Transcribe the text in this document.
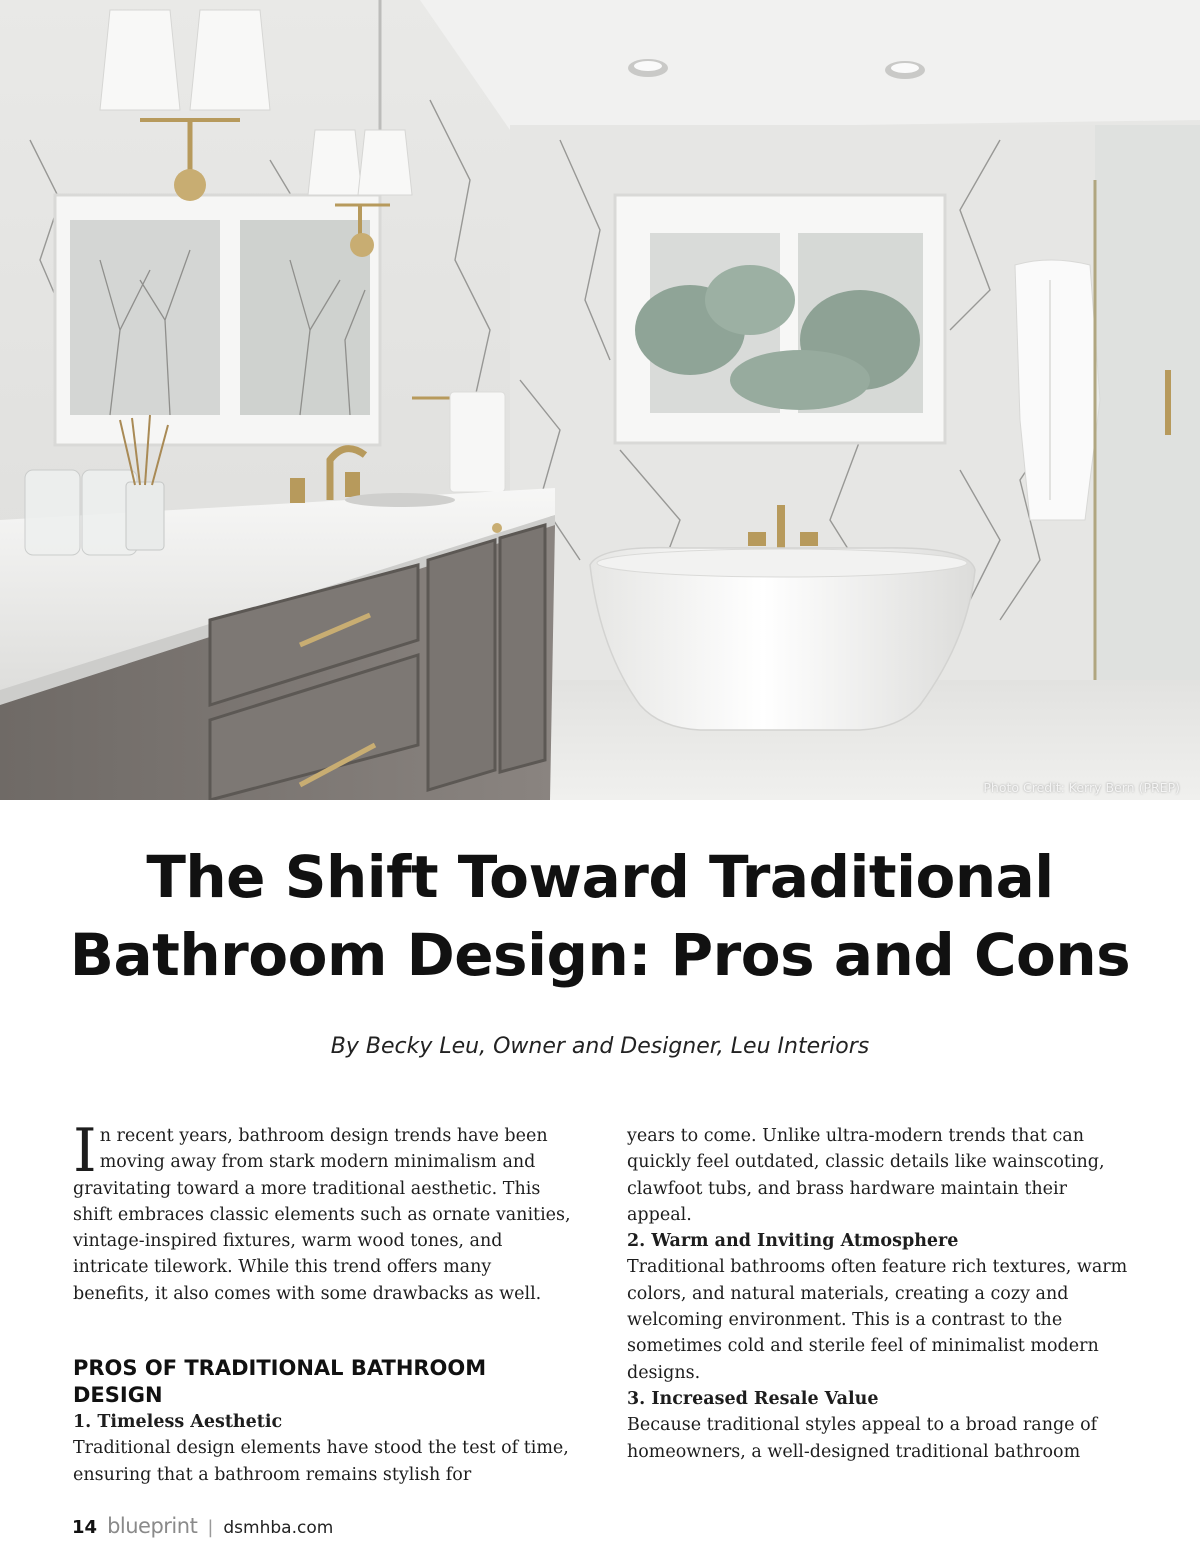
Photo Credit: Kerry Bern (PREP)
The Shift Toward Traditional
Bathroom Design: Pros and Cons
By Becky Leu, Owner and Designer, Leu Interiors

In recent years, bathroom design trends have been moving away from stark modern minimalism and gravitating toward a more traditional aesthetic. This shift embraces classic elements such as ornate vanities, vintage-inspired fixtures, warm wood tones, and intricate tilework. While this trend offers many benefits, it also comes with some drawbacks as well.

PROS OF TRADITIONAL BATHROOM DESIGN

1. Timeless Aesthetic

Traditional design elements have stood the test of time, ensuring that a bathroom remains stylish for

years to come. Unlike ultra-modern trends that can quickly feel outdated, classic details like wainscoting, clawfoot tubs, and brass hardware maintain their appeal.

2. Warm and Inviting Atmosphere

Traditional bathrooms often feature rich textures, warm colors, and natural materials, creating a cozy and welcoming environment. This is a contrast to the sometimes cold and sterile feel of minimalist modern designs.

3. Increased Resale Value

Because traditional styles appeal to a broad range of homeowners, a well-designed traditional bathroom

14 blueprint | dsmhba.com
